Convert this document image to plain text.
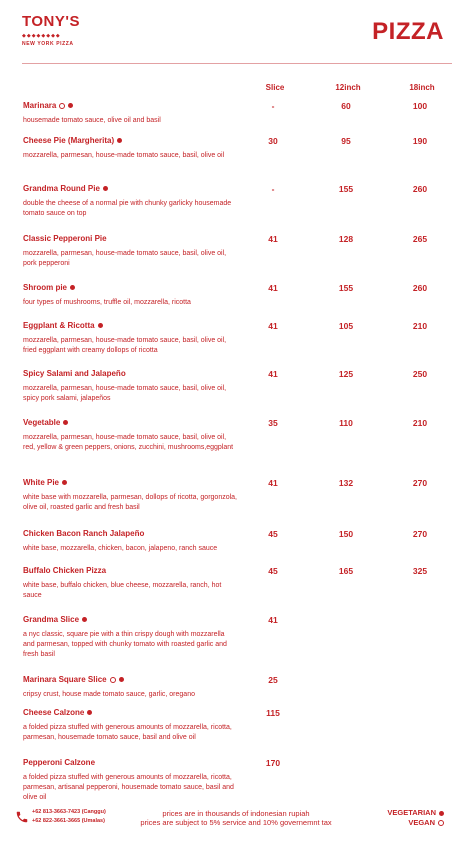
TONY'S
◆◆◆◆◆◆◆◆
NEW YORK PIZZA	PIZZA
Slice	12inch	18inch
Marinara
housemade tomato sauce, olive oil and basil
-	60	100
Cheese Pie (Margherita)
mozzarella, parmesan, house-made tomato sauce, basil, olive oil
30	95	190
Grandma Round Pie
double the cheese of a normal pie with chunky garlicky housemade tomato sauce on top
-	155	260
Classic Pepperoni Pie
mozzarella, parmesan, house-made tomato sauce, basil, olive oil, pork pepperoni
41	128	265
Shroom pie
four types of mushrooms, truffle oil, mozzarella, ricotta
41	155	260
Eggplant & Ricotta
mozzarella, parmesan, house-made tomato sauce, basil, olive oil, fried eggplant with creamy dollops of ricotta
41	105	210
Spicy Salami and Jalapeño
mozzarella, parmesan, house-made tomato sauce, basil, olive oil, spicy pork salami, jalapeños
41	125	250
Vegetable
mozzarella, parmesan, house-made tomato sauce, basil, olive oil, red, yellow & green peppers, onions, zucchini, mushrooms,eggplant
35	110	210
White Pie
white base with mozzarella, parmesan, dollops of ricotta, gorgonzola, olive oil, roasted garlic and fresh basil
41	132	270
Chicken Bacon Ranch Jalapeño
white base, mozzarella, chicken, bacon, jalapeno, ranch sauce
45	150	270
Buffalo Chicken Pizza
white base, buffalo chicken, blue cheese, mozzarella, ranch, hot sauce
45	165	325
Grandma Slice
a nyc classic, square pie with a thin crispy dough with mozzarella and parmesan, topped with chunky tomato with roasted garlic and fresh basil
41
Marinara Square Slice
cripsy crust, house made tomato sauce, garlic, oregano
25
Cheese Calzone
a folded pizza stuffed with generous amounts of mozzarella, ricotta, parmesan, housemade tomato sauce, basil and olive oil
115
Pepperoni Calzone
a folded pizza stuffed with generous amounts of mozzarella, ricotta, parmesan, artisanal pepperoni, housemade tomato sauce, basil and olive oil
170
+62 813-3663-7423 (Canggu)
+62 822-3661-3665 (Umalas)
prices are in thousands of indonesian rupiah
prices are subject to 5% service and 10% governemnt tax
VEGETARIAN
VEGAN
